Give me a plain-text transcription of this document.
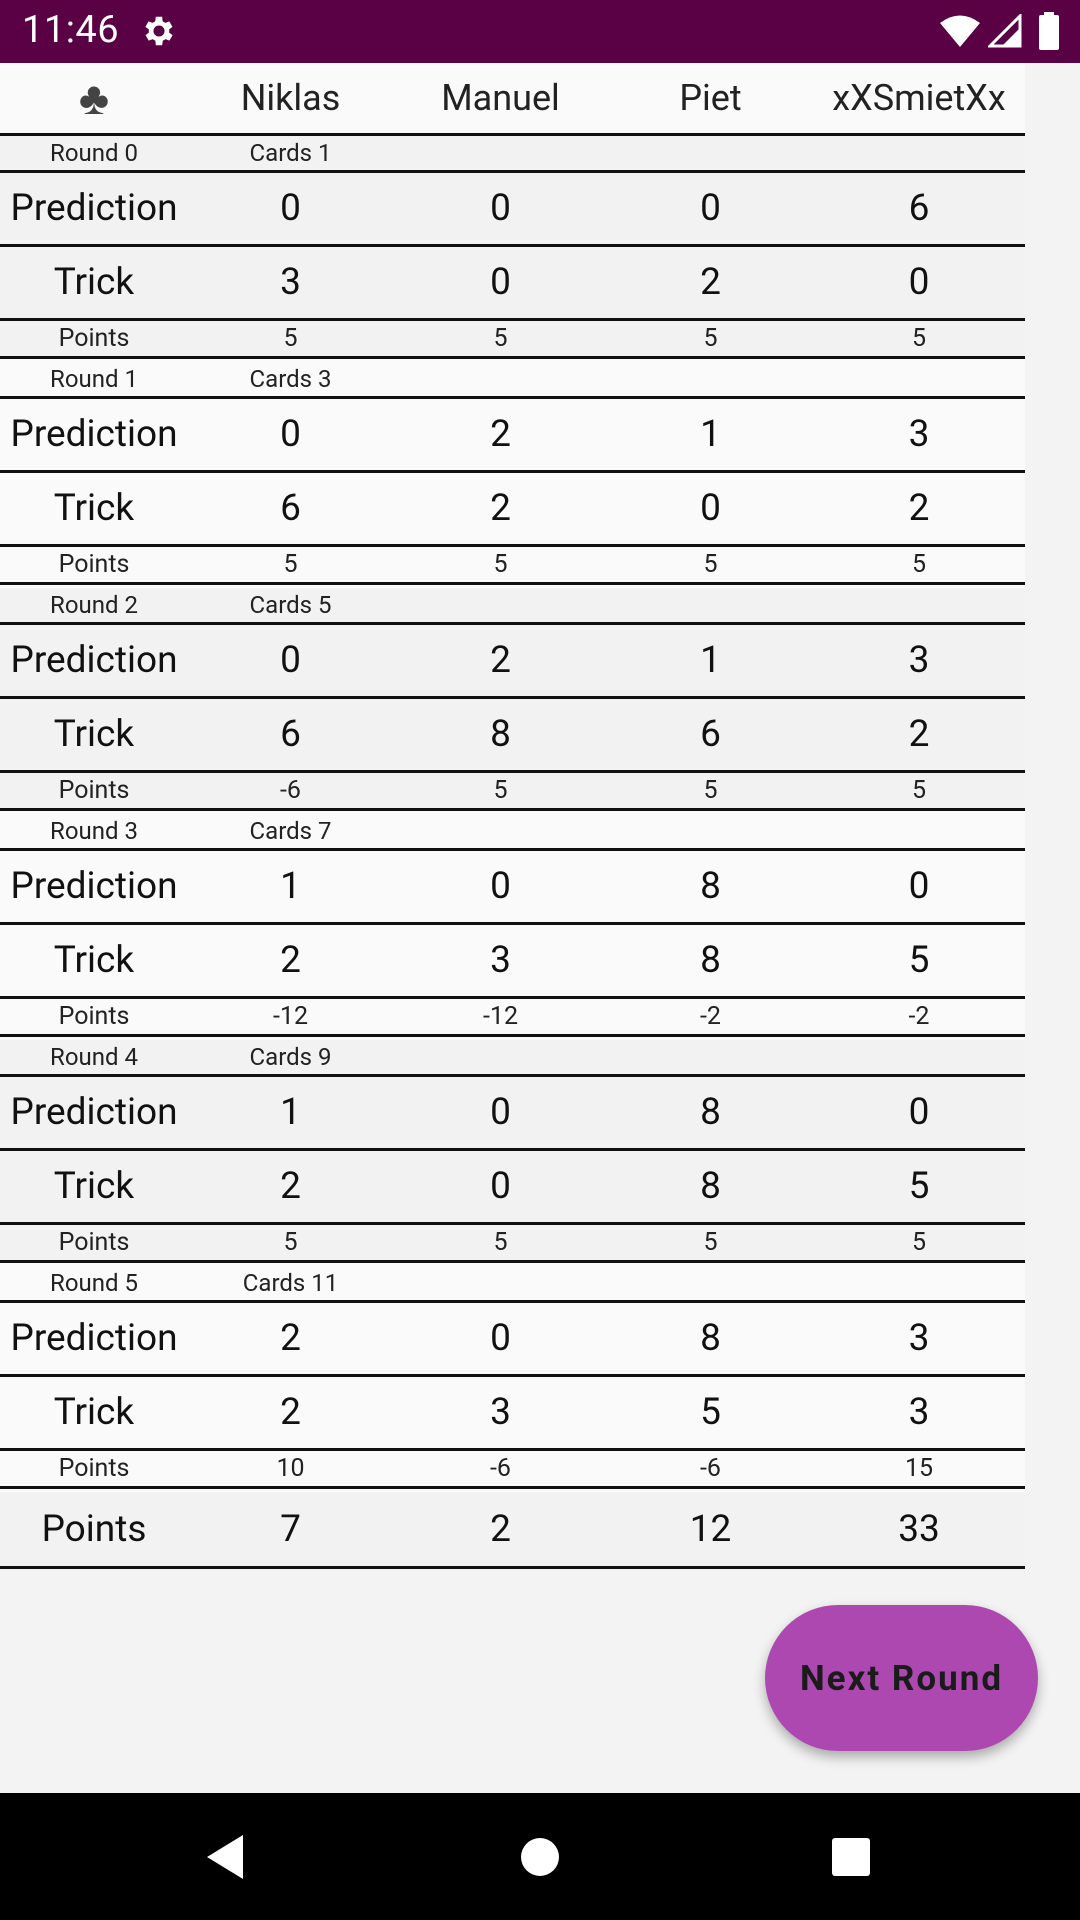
11:46
♣	Niklas	Manuel	Piet	xXSmietXx
Round 0	Cards 1
Prediction	0	0	0	6
Trick	3	0	2	0
Points	5	5	5	5
Round 1	Cards 3
Prediction	0	2	1	3
Trick	6	2	0	2
Points	5	5	5	5
Round 2	Cards 5
Prediction	0	2	1	3
Trick	6	8	6	2
Points	-6	5	5	5
Round 3	Cards 7
Prediction	1	0	8	0
Trick	2	3	8	5
Points	-12	-12	-2	-2
Round 4	Cards 9
Prediction	1	0	8	0
Trick	2	0	8	5
Points	5	5	5	5
Round 5	Cards 11
Prediction	2	0	8	3
Trick	2	3	5	3
Points	10	-6	-6	15
Points	7	2	12	33
Next Round
